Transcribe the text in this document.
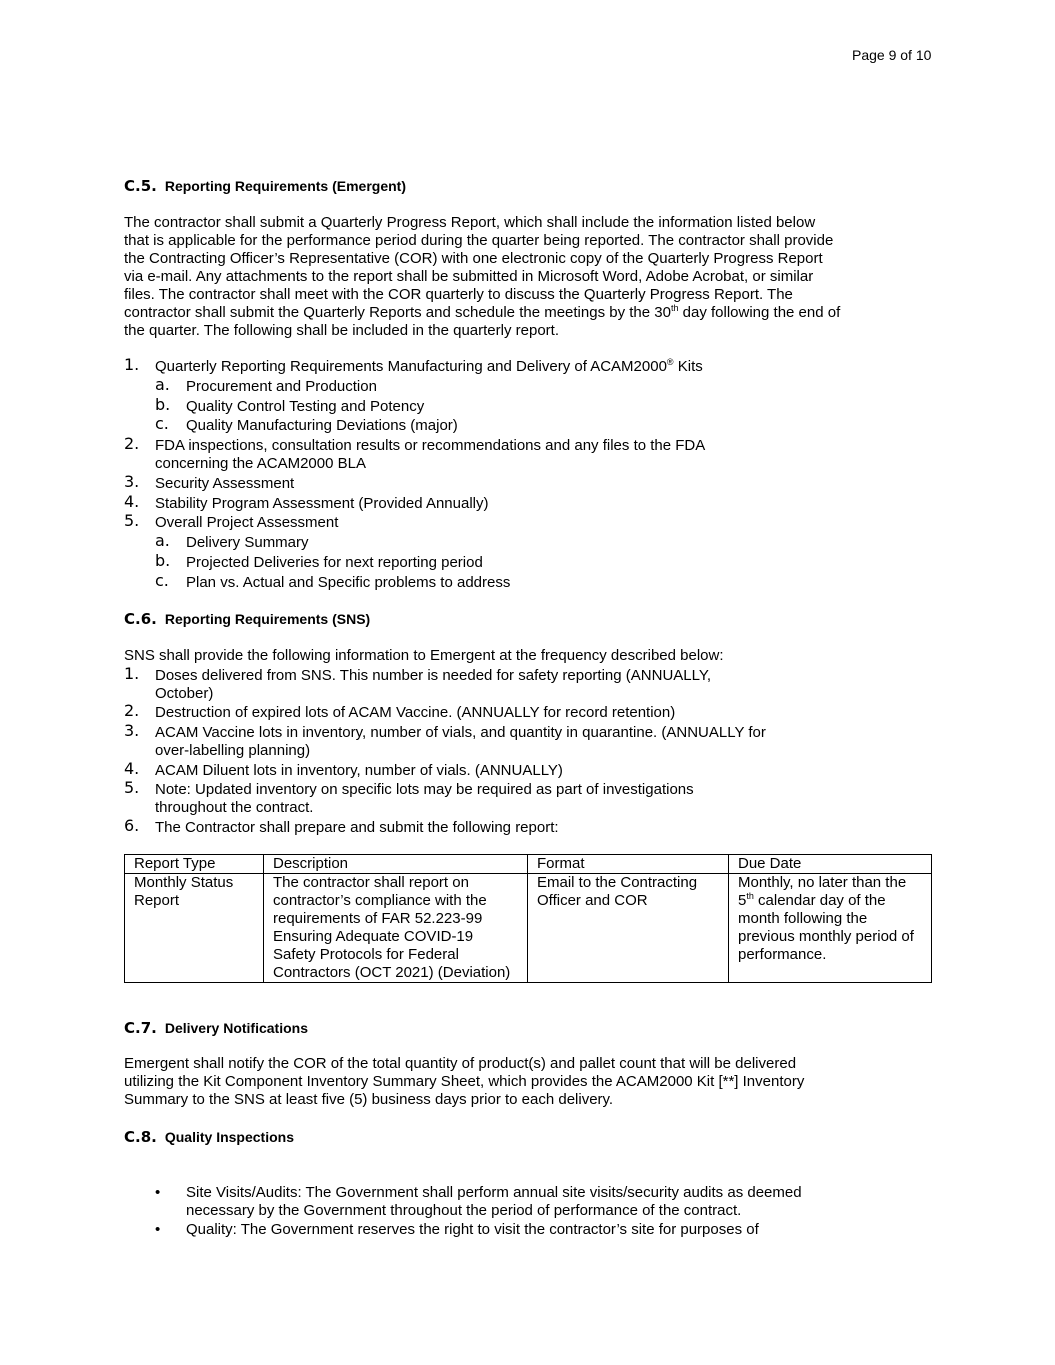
Page 9 of 10
C.5. Reporting Requirements (Emergent)
The contractor shall submit a Quarterly Progress Report, which shall include the information listed below that is applicable for the performance period during the quarter being reported. The contractor shall provide the Contracting Officer’s Representative (COR) with one electronic copy of the Quarterly Progress Report via e-mail. Any attachments to the report shall be submitted in Microsoft Word, Adobe Acrobat, or similar files. The contractor shall meet with the COR quarterly to discuss the Quarterly Progress Report. The contractor shall submit the Quarterly Reports and schedule the meetings by the 30th day following the end of the quarter. The following shall be included in the quarterly report.
1. Quarterly Reporting Requirements Manufacturing and Delivery of ACAM2000® Kits
a. Procurement and Production
b. Quality Control Testing and Potency
c. Quality Manufacturing Deviations (major)
2. FDA inspections, consultation results or recommendations and any files to the FDA concerning the ACAM2000 BLA
3. Security Assessment
4. Stability Program Assessment (Provided Annually)
5. Overall Project Assessment
a. Delivery Summary
b. Projected Deliveries for next reporting period
c. Plan vs. Actual and Specific problems to address
C.6. Reporting Requirements (SNS)
SNS shall provide the following information to Emergent at the frequency described below:
1. Doses delivered from SNS. This number is needed for safety reporting (ANNUALLY, October)
2. Destruction of expired lots of ACAM Vaccine. (ANNUALLY for record retention)
3. ACAM Vaccine lots in inventory, number of vials, and quantity in quarantine. (ANNUALLY for over-labelling planning)
4. ACAM Diluent lots in inventory, number of vials. (ANNUALLY)
5. Note: Updated inventory on specific lots may be required as part of investigations throughout the contract.
6. The Contractor shall prepare and submit the following report:
Report Type	Description	Format	Due Date
Monthly Status Report	The contractor shall report on contractor’s compliance with the requirements of FAR 52.223-99 Ensuring Adequate COVID-19 Safety Protocols for Federal Contractors (OCT 2021) (Deviation)	Email to the Contracting Officer and COR	Monthly, no later than the 5th calendar day of the month following the previous monthly period of performance.
C.7. Delivery Notifications
Emergent shall notify the COR of the total quantity of product(s) and pallet count that will be delivered utilizing the Kit Component Inventory Summary Sheet, which provides the ACAM2000 Kit [**] Inventory Summary to the SNS at least five (5) business days prior to each delivery.
C.8. Quality Inspections
• Site Visits/Audits: The Government shall perform annual site visits/security audits as deemed necessary by the Government throughout the period of performance of the contract.
• Quality: The Government reserves the right to visit the contractor’s site for purposes of
